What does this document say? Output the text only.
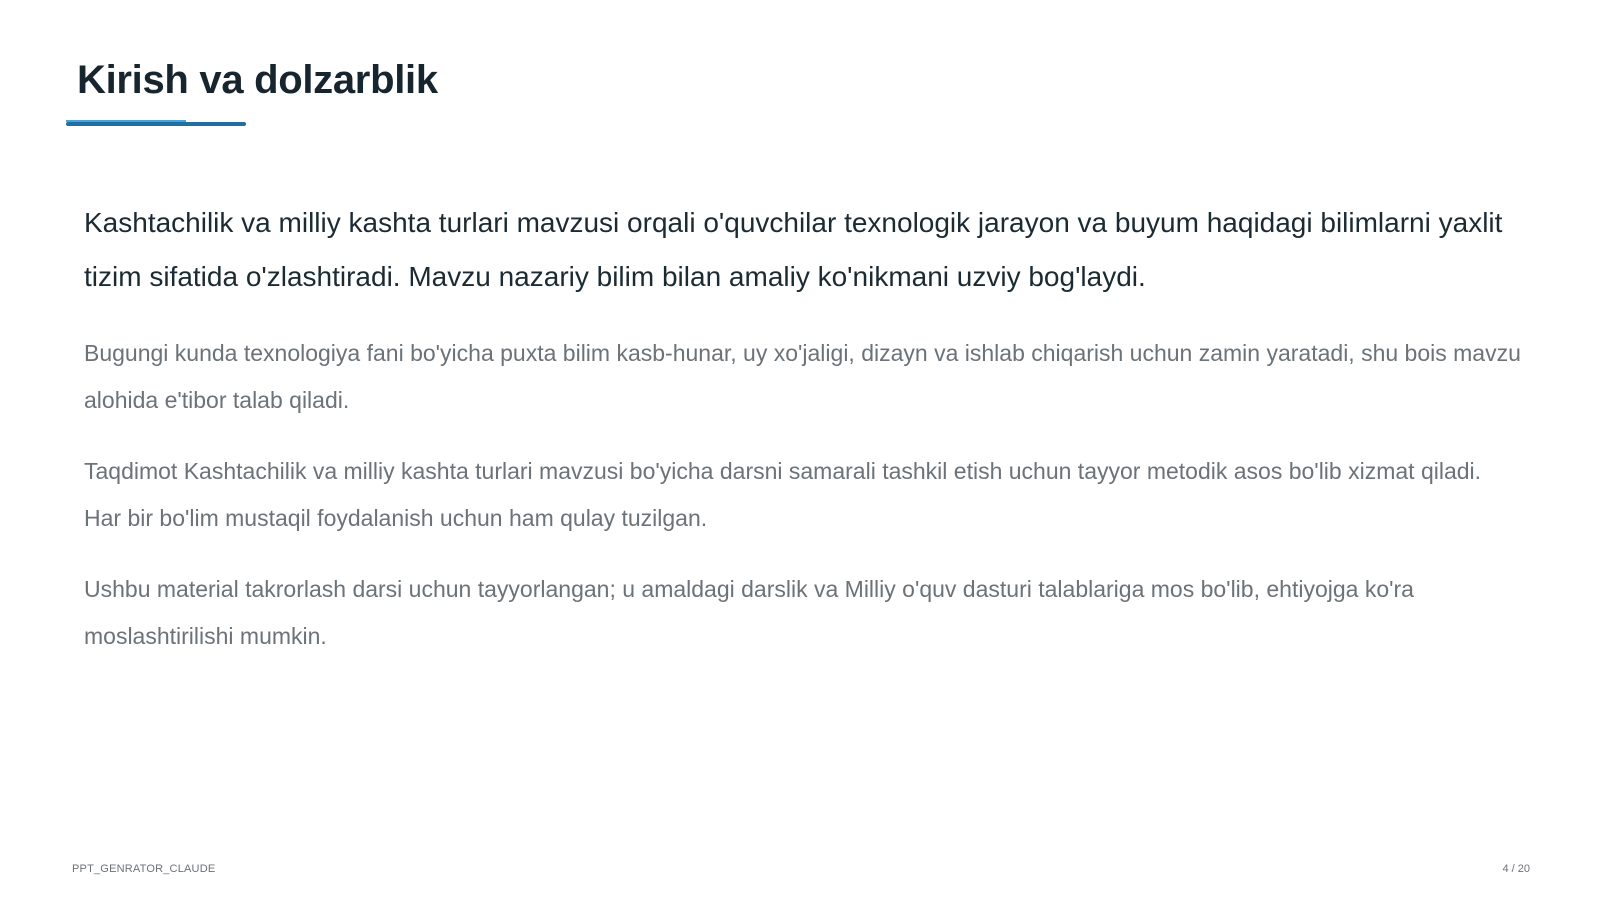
Kirish va dolzarblik

Kashtachilik va milliy kashta turlari mavzusi orqali o'quvchilar texnologik jarayon va buyum haqidagi bilimlarni yaxlit tizim sifatida o'zlashtiradi. Mavzu nazariy bilim bilan amaliy ko'nikmani uzviy bog'laydi.

Bugungi kunda texnologiya fani bo'yicha puxta bilim kasb-hunar, uy xo'jaligi, dizayn va ishlab chiqarish uchun zamin yaratadi, shu bois mavzu alohida e'tibor talab qiladi.

Taqdimot Kashtachilik va milliy kashta turlari mavzusi bo'yicha darsni samarali tashkil etish uchun tayyor metodik asos bo'lib xizmat qiladi. Har bir bo'lim mustaqil foydalanish uchun ham qulay tuzilgan.

Ushbu material takrorlash darsi uchun tayyorlangan; u amaldagi darslik va Milliy o'quv dasturi talablariga mos bo'lib, ehtiyojga ko'ra moslashtirilishi mumkin.

PPT_GENRATOR_CLAUDE	4 / 20
